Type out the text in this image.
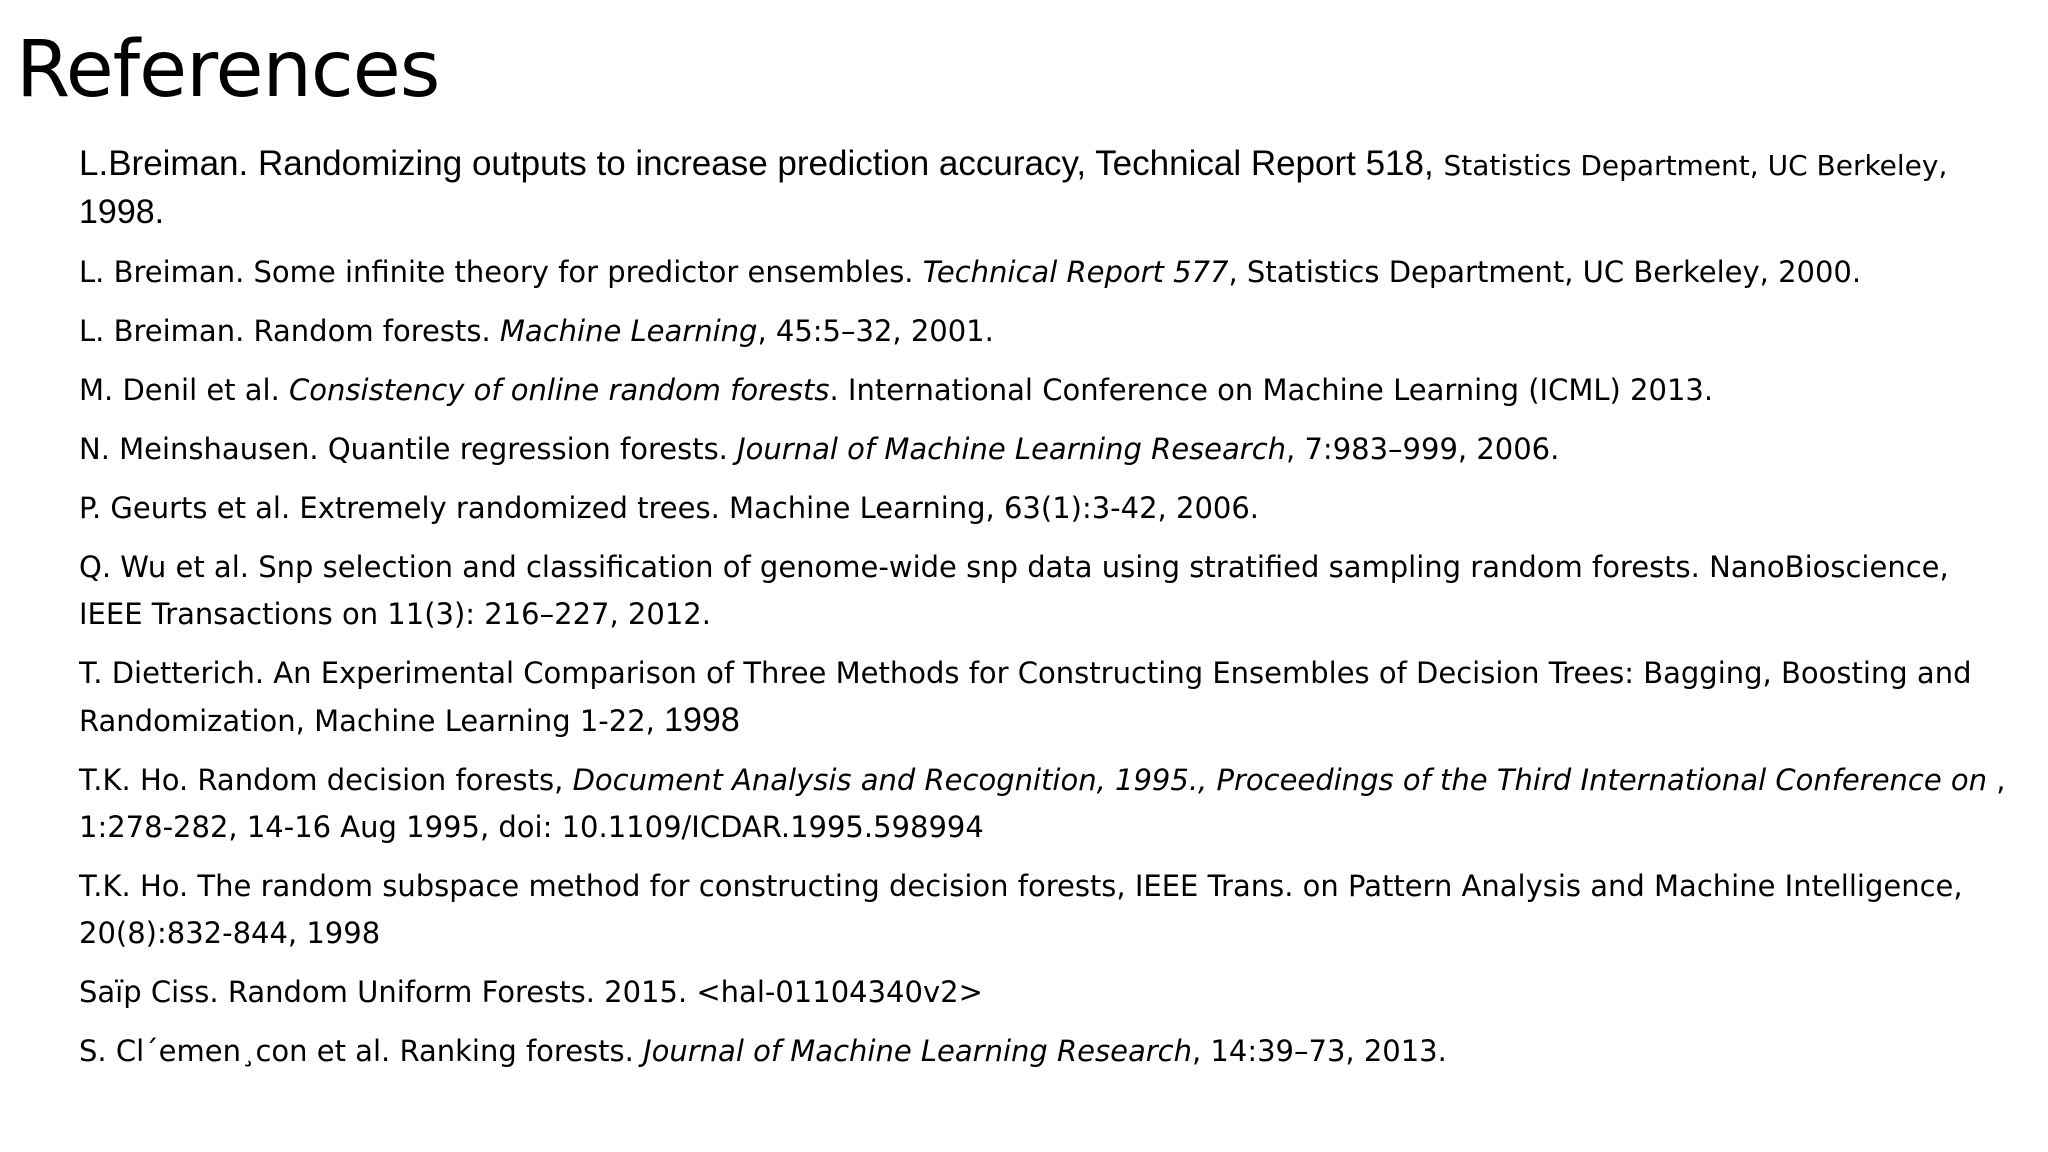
References
L.Breiman. Randomizing outputs to increase prediction accuracy, Technical Report 518, Statistics Department, UC Berkeley, 1998.
L. Breiman. Some infinite theory for predictor ensembles. Technical Report 577, Statistics Department, UC Berkeley, 2000.
L. Breiman. Random forests. Machine Learning, 45:5–32, 2001.
M. Denil et al. Consistency of online random forests. International Conference on Machine Learning (ICML) 2013.
N. Meinshausen. Quantile regression forests. Journal of Machine Learning Research, 7:983–999, 2006.
P. Geurts et al. Extremely randomized trees. Machine Learning, 63(1):3-42, 2006.
Q. Wu et al. Snp selection and classification of genome-wide snp data using stratified sampling random forests. NanoBioscience, IEEE Transactions on 11(3): 216–227, 2012.
T. Dietterich. An Experimental Comparison of Three Methods for Constructing Ensembles of Decision Trees: Bagging, Boosting and Randomization, Machine Learning 1-22, 1998
T.K. Ho. Random decision forests, Document Analysis and Recognition, 1995., Proceedings of the Third International Conference on , 1:278-282, 14-16 Aug 1995, doi: 10.1109/ICDAR.1995.598994
T.K. Ho. The random subspace method for constructing decision forests, IEEE Trans. on Pattern Analysis and Machine Intelligence, 20(8):832-844, 1998
Saïp Ciss. Random Uniform Forests. 2015. <hal-01104340v2>
S. Cl´emen¸con et al. Ranking forests. Journal of Machine Learning Research, 14:39–73, 2013.
